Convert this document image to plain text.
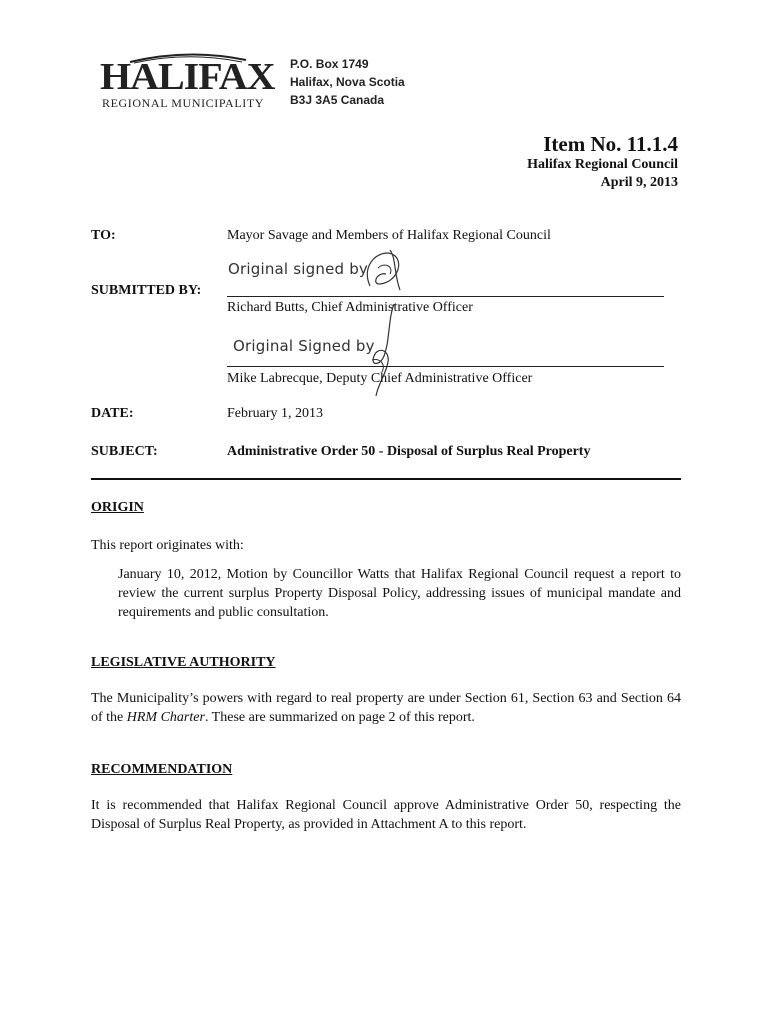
HALIFAX
REGIONAL MUNICIPALITY
P.O. Box 1749
Halifax, Nova Scotia
B3J 3A5 Canada
Item No. 11.1.4
Halifax Regional Council
April 9, 2013
TO:	Mayor Savage and Members of Halifax Regional Council
Original signed by
SUBMITTED BY:
Richard Butts, Chief Administrative Officer
Original Signed by
Mike Labrecque, Deputy Chief Administrative Officer
DATE:	February 1, 2013
SUBJECT:	Administrative Order 50 - Disposal of Surplus Real Property
ORIGIN
This report originates with:
January 10, 2012, Motion by Councillor Watts that Halifax Regional Council request a report to review the current surplus Property Disposal Policy, addressing issues of municipal mandate and requirements and public consultation.
LEGISLATIVE AUTHORITY
The Municipality’s powers with regard to real property are under Section 61, Section 63 and Section 64 of the HRM Charter. These are summarized on page 2 of this report.
RECOMMENDATION
It is recommended that Halifax Regional Council approve Administrative Order 50, respecting the Disposal of Surplus Real Property, as provided in Attachment A to this report.
